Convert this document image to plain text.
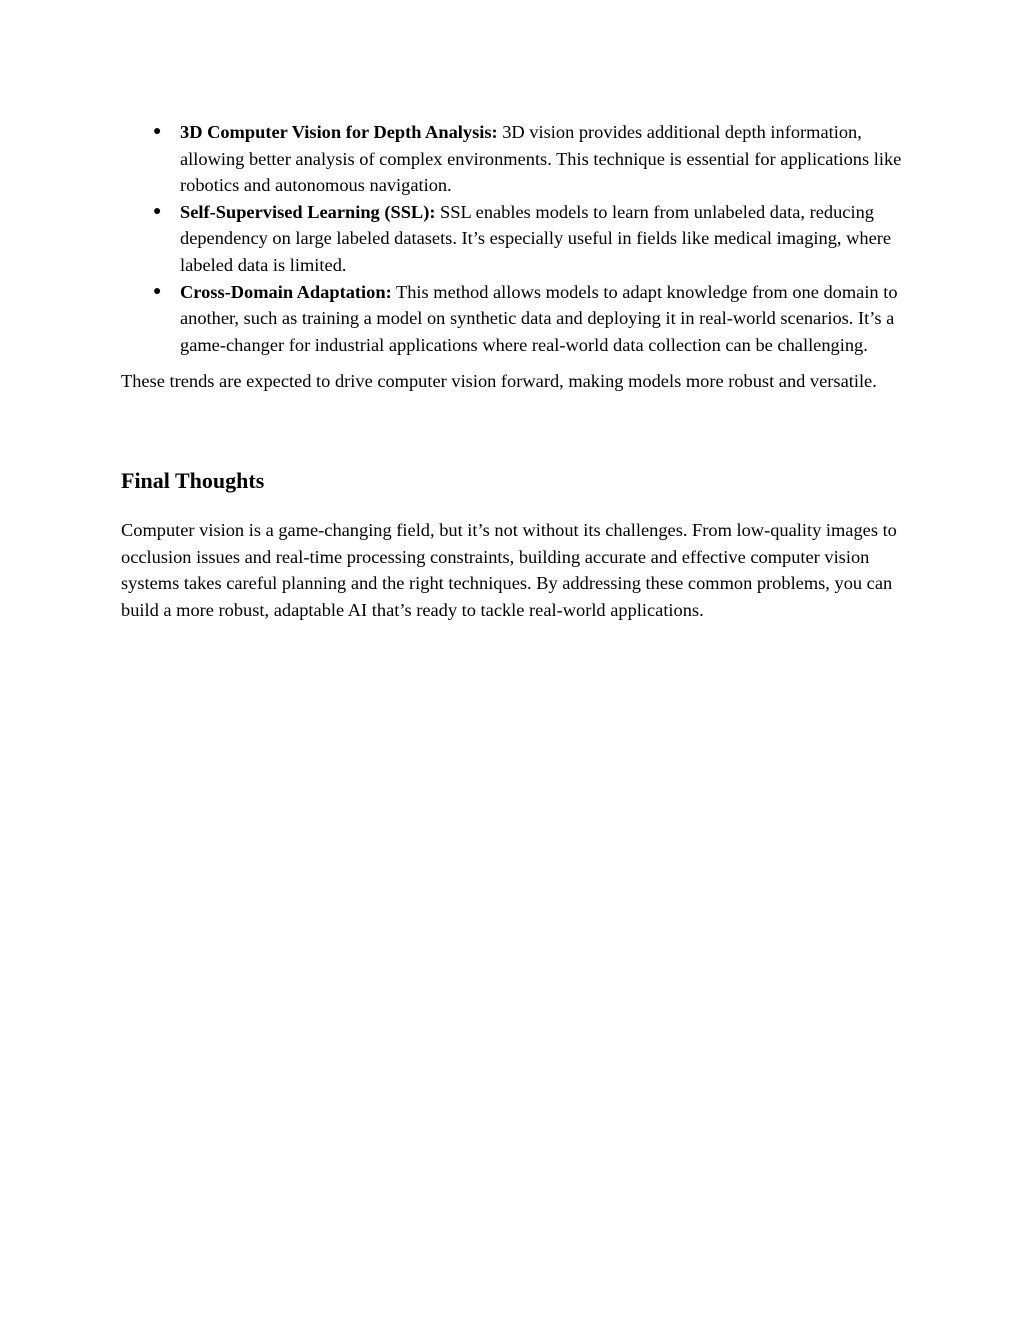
● 3D Computer Vision for Depth Analysis: 3D vision provides additional depth information, allowing better analysis of complex environments. This technique is essential for applications like robotics and autonomous navigation.
● Self-Supervised Learning (SSL): SSL enables models to learn from unlabeled data, reducing dependency on large labeled datasets. It’s especially useful in fields like medical imaging, where labeled data is limited.
● Cross-Domain Adaptation: This method allows models to adapt knowledge from one domain to another, such as training a model on synthetic data and deploying it in real-world scenarios. It’s a game-changer for industrial applications where real-world data collection can be challenging.

These trends are expected to drive computer vision forward, making models more robust and versatile.

Final Thoughts

Computer vision is a game-changing field, but it’s not without its challenges. From low-quality images to occlusion issues and real-time processing constraints, building accurate and effective computer vision systems takes careful planning and the right techniques. By addressing these common problems, you can build a more robust, adaptable AI that’s ready to tackle real-world applications.
